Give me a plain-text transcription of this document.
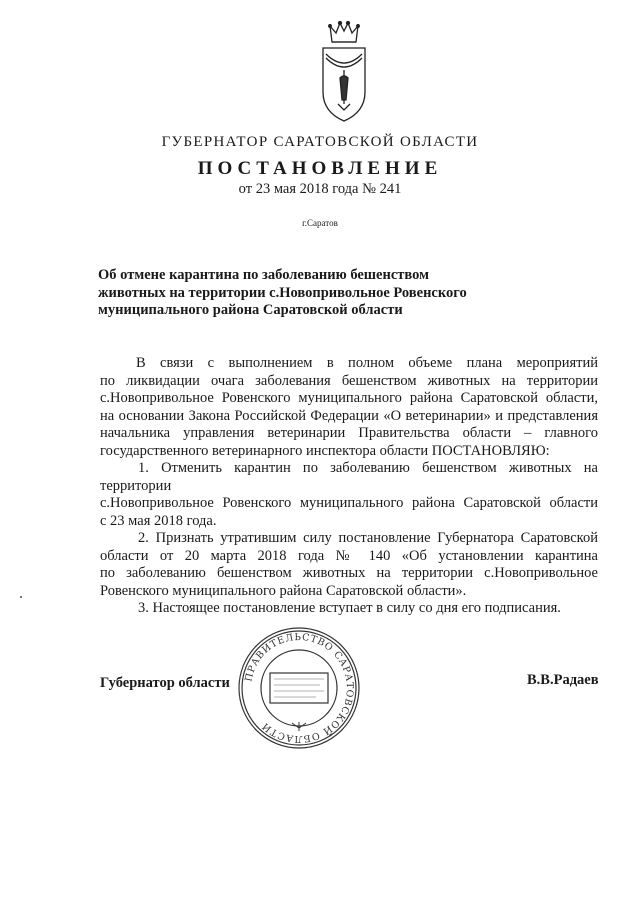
ГУБЕРНАТОР САРАТОВСКОЙ ОБЛАСТИ
ПОСТАНОВЛЕНИЕ
от 23 мая 2018 года № 241
г.Саратов
Об отмене карантина по заболеванию бешенством
животных на территории с.Новопривольное Ровенского
муниципального района Саратовской области

В связи с выполнением в полном объеме плана мероприятий

по ликвидации очага заболевания бешенством животных на территории

с.Новопривольное Ровенского муниципального района Саратовской области,

на основании Закона Российской Федерации «О ветеринарии» и представления

начальника управления ветеринарии Правительства области – главного

государственного ветеринарного инспектора области ПОСТАНОВЛЯЮ:

1. Отменить карантин по заболеванию бешенством животных на территории

с.Новопривольное Ровенского муниципального района Саратовской области

с 23 мая 2018 года.

2. Признать утратившим силу постановление Губернатора Саратовской

области от 20 марта 2018 года № 140 «Об установлении карантина

по заболеванию бешенством животных на территории с.Новопривольное

Ровенского муниципального района Саратовской области».

3. Настоящее постановление вступает в силу со дня его подписания.

Губернатор области	В.В.Радаев
ПРАВИТЕЛЬСТВО САРАТОВСКОЙ ОБЛАСТИ
